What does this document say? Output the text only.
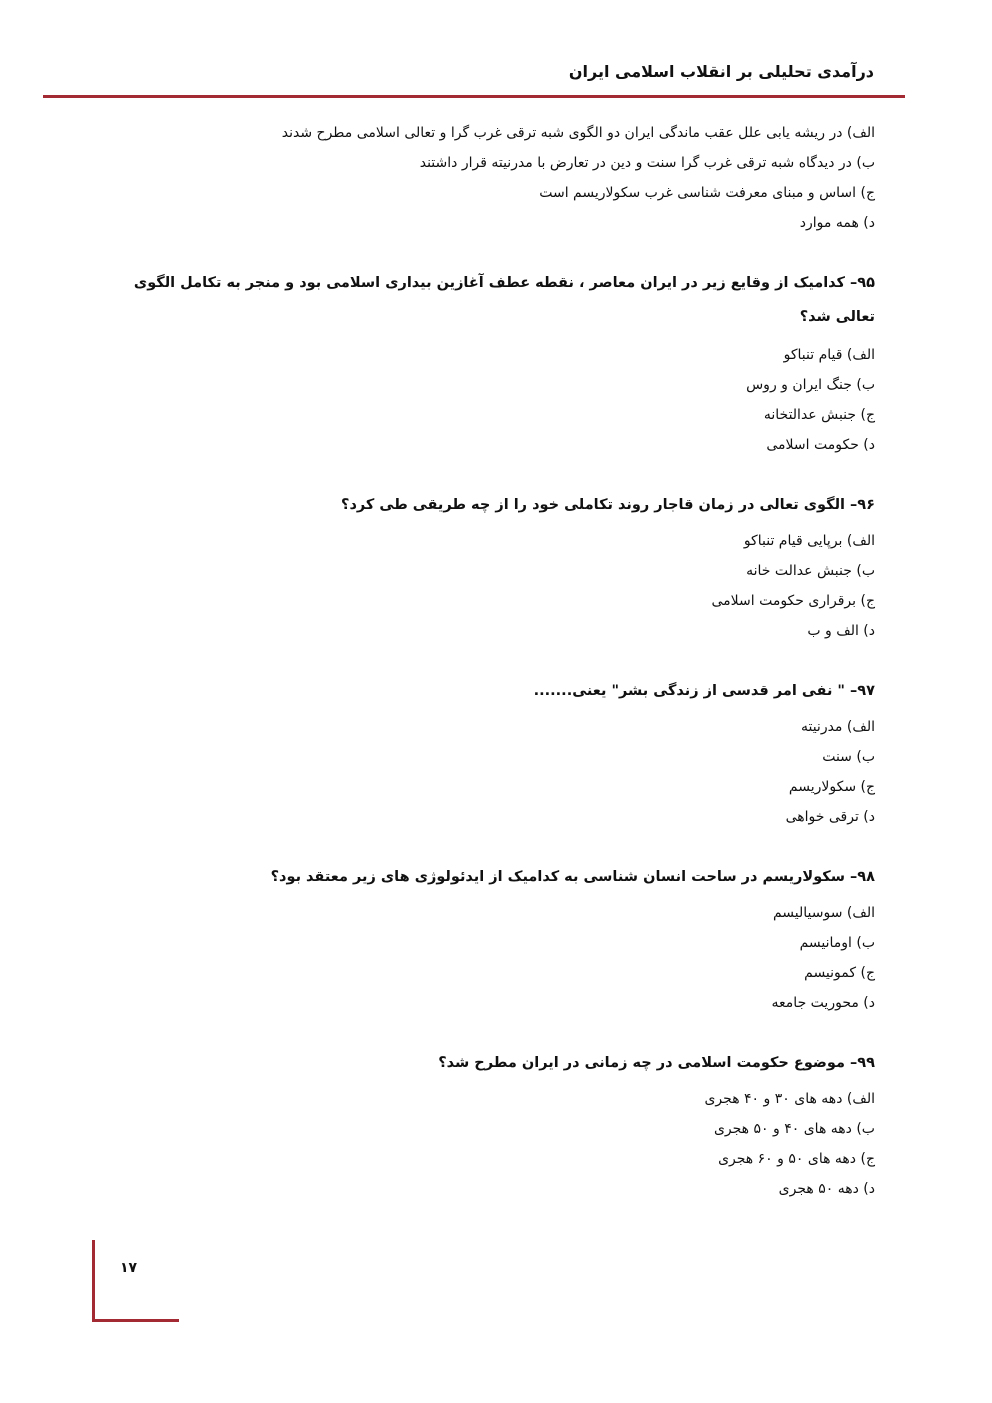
درآمدی تحلیلی بر انقلاب اسلامی ایران
الف) در ریشه یابی علل عقب ماندگی ایران دو الگوی شبه ترقی غرب گرا و تعالی اسلامی مطرح شدند
ب) در دیدگاه شبه ترقی غرب گرا سنت و دین در تعارض با مدرنیته قرار داشتند
ج) اساس و مبنای معرفت شناسی غرب سکولاریسم است
د) همه موارد
۹۵– کدامیک از وقایع زیر در ایران معاصر ، نقطه عطف آغازین بیداری اسلامی بود و منجر به تکامل الگوی تعالی شد؟
الف) قیام تنباکو
ب) جنگ ایران و روس
ج) جنبش عدالتخانه
د) حکومت اسلامی
۹۶– الگوی تعالی در زمان قاجار روند تکاملی خود را از چه طریقی طی کرد؟
الف) برپایی قیام تنباکو
ب) جنبش عدالت خانه
ج) برقراری حکومت اسلامی
د) الف و ب
۹۷– " نفی امر قدسی از زندگی بشر" یعنی.......
الف) مدرنیته
ب) سنت
ج) سکولاریسم
د) ترقی خواهی
۹۸– سکولاریسم در ساحت انسان شناسی به کدامیک از ایدئولوژی های زیر معتقد بود؟
الف) سوسیالیسم
ب) اومانیسم
ج) کمونیسم
د) محوریت جامعه
۹۹– موضوع حکومت اسلامی در چه زمانی در ایران مطرح شد؟
الف) دهه های ۳۰ و ۴۰ هجری
ب) دهه های ۴۰ و ۵۰ هجری
ج) دهه های ۵۰ و ۶۰ هجری
د) دهه ۵۰ هجری
۱۷
